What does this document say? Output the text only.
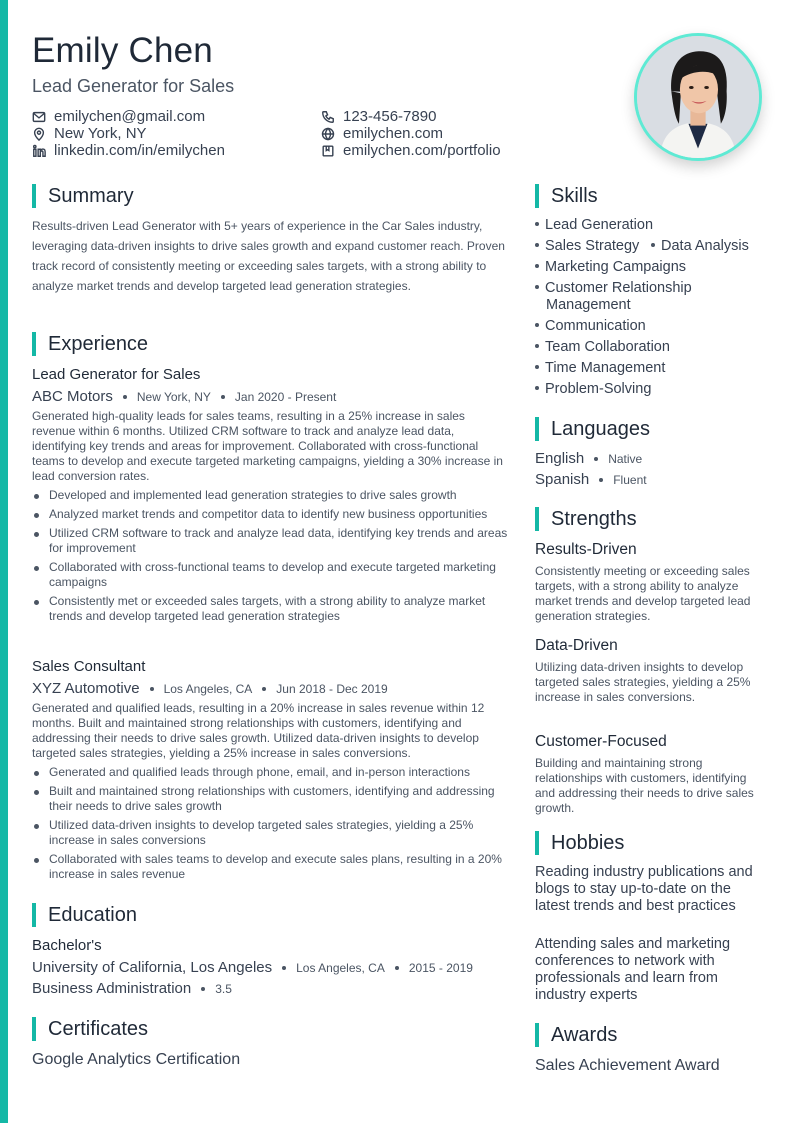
Emily Chen
Lead Generator for Sales
emilychen@gmail.com
New York, NY
linkedin.com/in/emilychen
123-456-7890
emilychen.com
emilychen.com/portfolio
Summary
Results-driven Lead Generator with 5+ years of experience in the Car Sales industry, leveraging data-driven insights to drive sales growth and expand customer reach. Proven track record of consistently meeting or exceeding sales targets, with a strong ability to analyze market trends and develop targeted lead generation strategies.
Experience
Lead Generator for Sales
ABC Motors New York, NY Jan 2020 - Present
Generated high-quality leads for sales teams, resulting in a 25% increase in sales revenue within 6 months. Utilized CRM software to track and analyze lead data, identifying key trends and areas for improvement. Collaborated with cross-functional teams to develop and execute targeted marketing campaigns, yielding a 30% increase in lead conversion rates.
Developed and implemented lead generation strategies to drive sales growth
Analyzed market trends and competitor data to identify new business opportunities
Utilized CRM software to track and analyze lead data, identifying key trends and areas for improvement
Collaborated with cross-functional teams to develop and execute targeted marketing campaigns
Consistently met or exceeded sales targets, with a strong ability to analyze market trends and develop targeted lead generation strategies
Sales Consultant
XYZ Automotive Los Angeles, CA Jun 2018 - Dec 2019
Generated and qualified leads, resulting in a 20% increase in sales revenue within 12 months. Built and maintained strong relationships with customers, identifying and addressing their needs to drive sales growth. Utilized data-driven insights to develop targeted sales strategies, yielding a 25% increase in sales conversions.
Generated and qualified leads through phone, email, and in-person interactions
Built and maintained strong relationships with customers, identifying and addressing their needs to drive sales growth
Utilized data-driven insights to develop targeted sales strategies, yielding a 25% increase in sales conversions
Collaborated with sales teams to develop and execute sales plans, resulting in a 20% increase in sales revenue
Education
Bachelor's
University of California, Los Angeles Los Angeles, CA 2015 - 2019
Business Administration 3.5
Certificates
Google Analytics Certification
Skills
Lead Generation
Sales Strategy	Data Analysis
Marketing Campaigns
Customer Relationship Management
Communication
Team Collaboration
Time Management
Problem-Solving
Languages
English Native
Spanish Fluent
Strengths
Results-Driven
Consistently meeting or exceeding sales targets, with a strong ability to analyze market trends and develop targeted lead generation strategies.
Data-Driven
Utilizing data-driven insights to develop targeted sales strategies, yielding a 25% increase in sales conversions.
Customer-Focused
Building and maintaining strong relationships with customers, identifying and addressing their needs to drive sales growth.
Hobbies
Reading industry publications and blogs to stay up-to-date on the latest trends and best practices
Attending sales and marketing conferences to network with professionals and learn from industry experts
Awards
Sales Achievement Award
